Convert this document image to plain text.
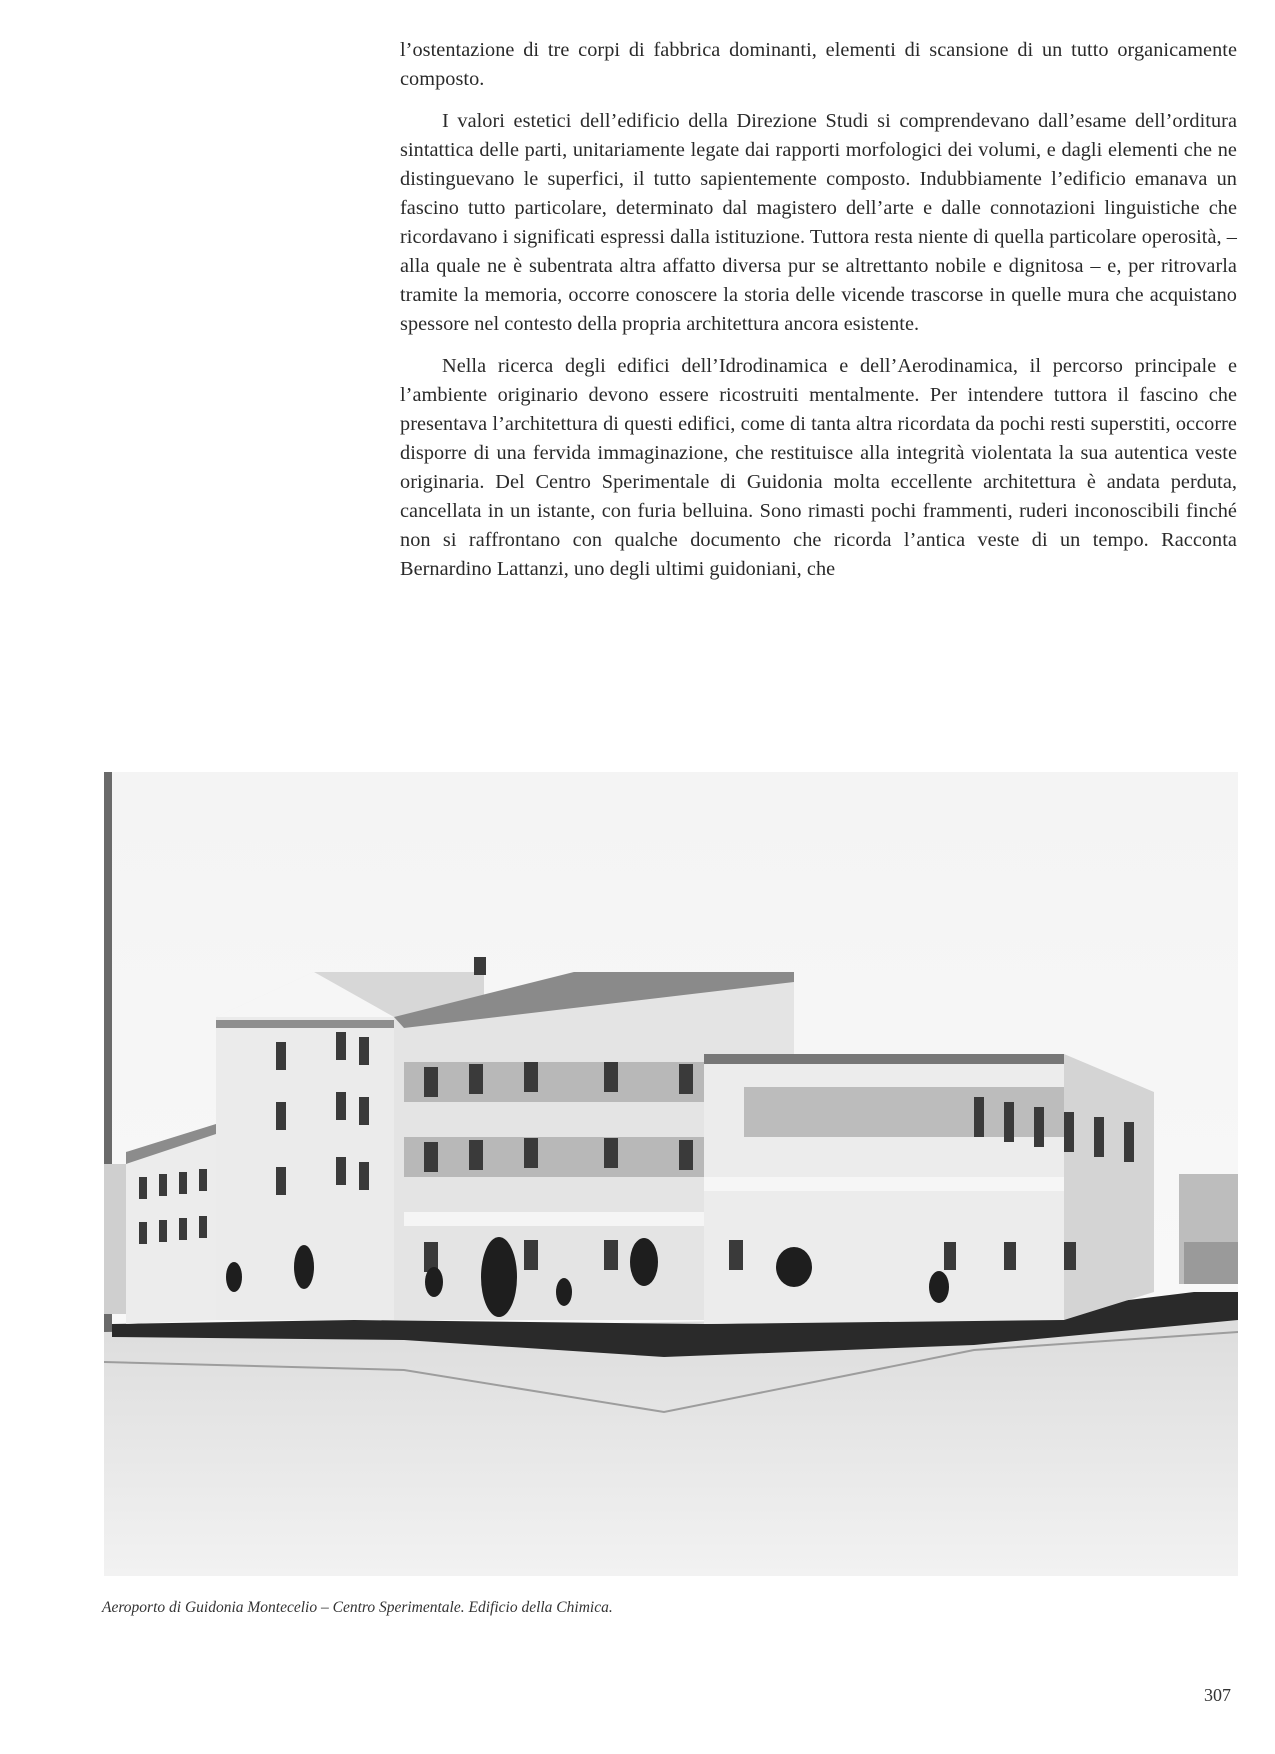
l’ostentazione di tre corpi di fabbrica dominanti, elementi di scansione di un tutto organicamente composto.

I valori estetici dell’edificio della Direzione Studi si comprendevano dall’esame dell’orditura sintattica delle parti, unitariamente legate dai rapporti morfologici dei volumi, e dagli elementi che ne distinguevano le superfici, il tutto sapientemente composto. Indubbiamente l’edificio emanava un fascino tutto particolare, determinato dal magistero dell’arte e dalle connotazioni linguistiche che ricordavano i significati espressi dalla istituzione. Tuttora resta niente di quella particolare operosità, – alla quale ne è subentrata altra affatto diversa pur se altrettanto nobile e dignitosa – e, per ritrovarla tramite la memoria, occorre conoscere la storia delle vicende trascorse in quelle mura che acquistano spessore nel contesto della propria architettura ancora esistente.

Nella ricerca degli edifici dell’Idrodinamica e dell’Aerodinamica, il percorso principale e l’ambiente originario devono essere ricostruiti mentalmente. Per intendere tuttora il fascino che presentava l’architettura di questi edifici, come di tanta altra ricordata da pochi resti superstiti, occorre disporre di una fervida immaginazione, che restituisce alla integrità violentata la sua autentica veste originaria. Del Centro Sperimentale di Guidonia molta eccellente architettura è andata perduta, cancellata in un istante, con furia belluina. Sono rimasti pochi frammenti, ruderi inconoscibili finché non si raffrontano con qualche documento che ricorda l’antica veste di un tempo. Racconta Bernardino Lattanzi, uno degli ultimi guidoniani, che

Aeroporto di Guidonia Montecelio – Centro Sperimentale. Edificio della Chimica.
307
